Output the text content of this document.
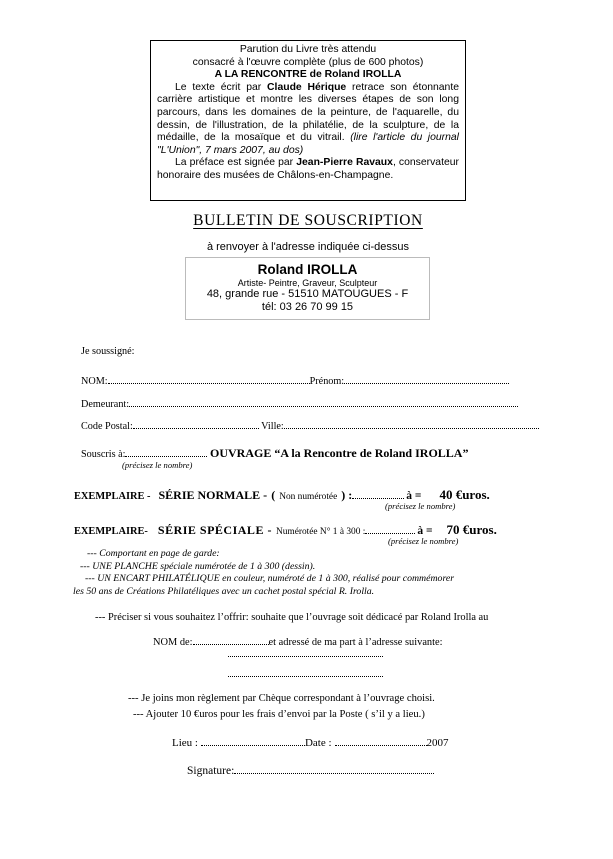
Parution du Livre très attendu
consacré à l'œuvre complète (plus de 600 photos)
A LA RENCONTRE de Roland IROLLA
Le texte écrit par Claude Hérique retrace son étonnante carrière artistique et montre les diverses étapes de son long parcours, dans les domaines de la peinture, de l'aquarelle, du dessin, de l'illustration, de la philatélie, de la sculpture, de la médaille, de la mosaïque et du vitrail. (lire l'article du journal "L'Union", 7 mars 2007, au dos)
La préface est signée par Jean-Pierre Ravaux, conservateur honoraire des musées de Châlons-en-Champagne.
BULLETIN DE SOUSCRIPTION
à renvoyer à l'adresse indiquée ci-dessus
Roland IROLLA
Artiste- Peintre, Graveur, Sculpteur
48, grande rue - 51510 MATOUGUES - F
tél: 03 26 70 99 15
Je soussigné:
NOM:	Prénom:
Demeurant:
Code Postal:	Ville:
Souscris à:	OUVRAGE “A la Rencontre de Roland IROLLA”
(précisez le nombre)
EXEMPLAIRE - SÉRIE NORMALE - ( Non numérotée ) :	à = 40 €uros.
(précisez le nombre)
EXEMPLAIRE- SÉRIE SPÉCIALE - Numérotée N° 1 à 300 :	à = 70 €uros.
(précisez le nombre)
--- Comportant en page de garde:
--- UNE PLANCHE spéciale numérotée de 1 à 300 (dessin).
--- UN ENCART PHILATÉLIQUE en couleur, numéroté de 1 à 300, réalisé pour commémorer
les 50 ans de Créations Philatéliques avec un cachet postal spécial R. Irolla.
--- Préciser si vous souhaitez l’offrir: souhaite que l’ouvrage soit dédicacé par Roland Irolla au
NOM de:	et adressé de ma part à l’adresse suivante:
--- Je joins mon règlement par Chèque correspondant à l’ouvrage choisi.
--- Ajouter 10 €uros pour les frais d’envoi par la Poste ( s’il y a lieu.)
Lieu :	Date :	2007
Signature:
